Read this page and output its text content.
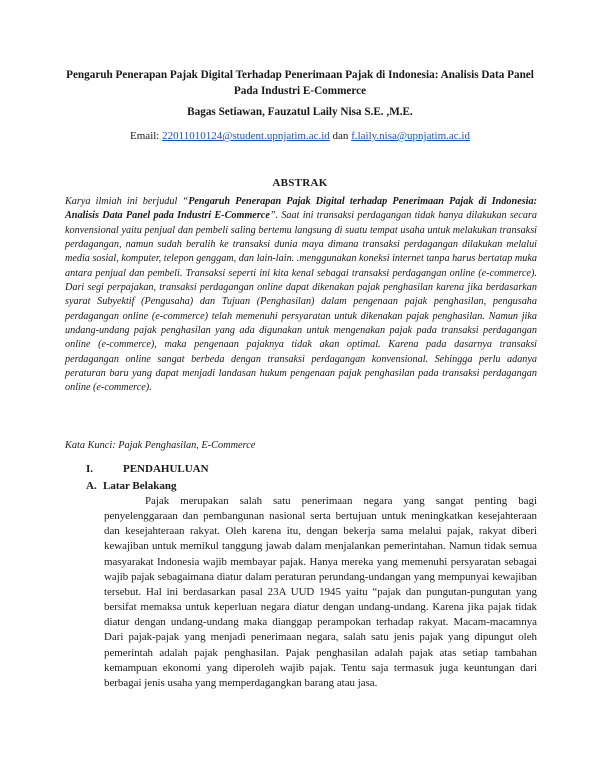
Pengaruh Penerapan Pajak Digital Terhadap Penerimaan Pajak di Indonesia: Analisis Data Panel Pada Industri E-Commerce
Bagas Setiawan, Fauzatul Laily Nisa S.E. ,M.E.
Email: 22011010124@student.upnjatim.ac.id dan f.laily.nisa@upnjatim.ac.id
ABSTRAK

Karya ilmiah ini berjudul “Pengaruh Penerapan Pajak Digital terhadap Penerimaan Pajak di Indonesia: Analisis Data Panel pada Industri E-Commerce”. Saat ini transaksi perdagangan tidak hanya dilakukan secara konvensional yaitu penjual dan pembeli saling bertemu langsung di suatu tempat usaha untuk melakukan transaksi perdagangan, namun sudah beralih ke transaksi dunia maya dimana transaksi perdagangan dilakukan melalui media sosial, komputer, telepon genggam, dan lain-lain. .menggunakan koneksi internet tanpa harus bertatap muka antara penjual dan pembeli. Transaksi seperti ini kita kenal sebagai transaksi perdagangan online (e-commerce). Dari segi perpajakan, transaksi perdagangan online dapat dikenakan pajak penghasilan karena jika berdasarkan syarat Subyektif (Pengusaha) dan Tujuan (Penghasilan) dalam pengenaan pajak penghasilan, pengusaha perdagangan online (e-commerce) telah memenuhi persyaratan untuk dikenakan pajak penghasilan. Namun jika undang-undang pajak penghasilan yang ada digunakan untuk mengenakan pajak pada transaksi perdagangan online (e-commerce), maka pengenaan pajaknya tidak akan optimal. Karena pada dasarnya transaksi perdagangan online sangat berbeda dengan transaksi perdagangan konvensional. Sehingga perlu adanya peraturan baru yang dapat menjadi landasan hukum pengenaan pajak penghasilan pada transaksi perdagangan online (e-commerce).

Kata Kunci: Pajak Penghasilan, E-Commerce

I.	PENDAHULUAN
A. Latar Belakang

Pajak merupakan salah satu penerimaan negara yang sangat penting bagi penyelenggaraan dan pembangunan nasional serta bertujuan untuk meningkatkan kesejahteraan dan kesejahteraan rakyat. Oleh karena itu, dengan bekerja sama melalui pajak, rakyat diberi kewajiban untuk memikul tanggung jawab dalam menjalankan pemerintahan. Namun tidak semua masyarakat Indonesia wajib membayar pajak. Hanya mereka yang memenuhi persyaratan sebagai wajib pajak sebagaimana diatur dalam peraturan perundang-undangan yang mempunyai kewajiban tersebut. Hal ini berdasarkan pasal 23A UUD 1945 yaitu “pajak dan pungutan-pungutan yang bersifat memaksa untuk keperluan negara diatur dengan undang-undang. Karena jika pajak tidak diatur dengan undang-undang maka dianggap perampokan terhadap rakyat. Macam-macamnya Dari pajak-pajak yang menjadi penerimaan negara, salah satu jenis pajak yang dipungut oleh pemerintah adalah pajak penghasilan. Pajak penghasilan adalah pajak atas setiap tambahan kemampuan ekonomi yang diperoleh wajib pajak. Tentu saja termasuk juga keuntungan dari berbagai jenis usaha yang memperdagangkan barang atau jasa.
